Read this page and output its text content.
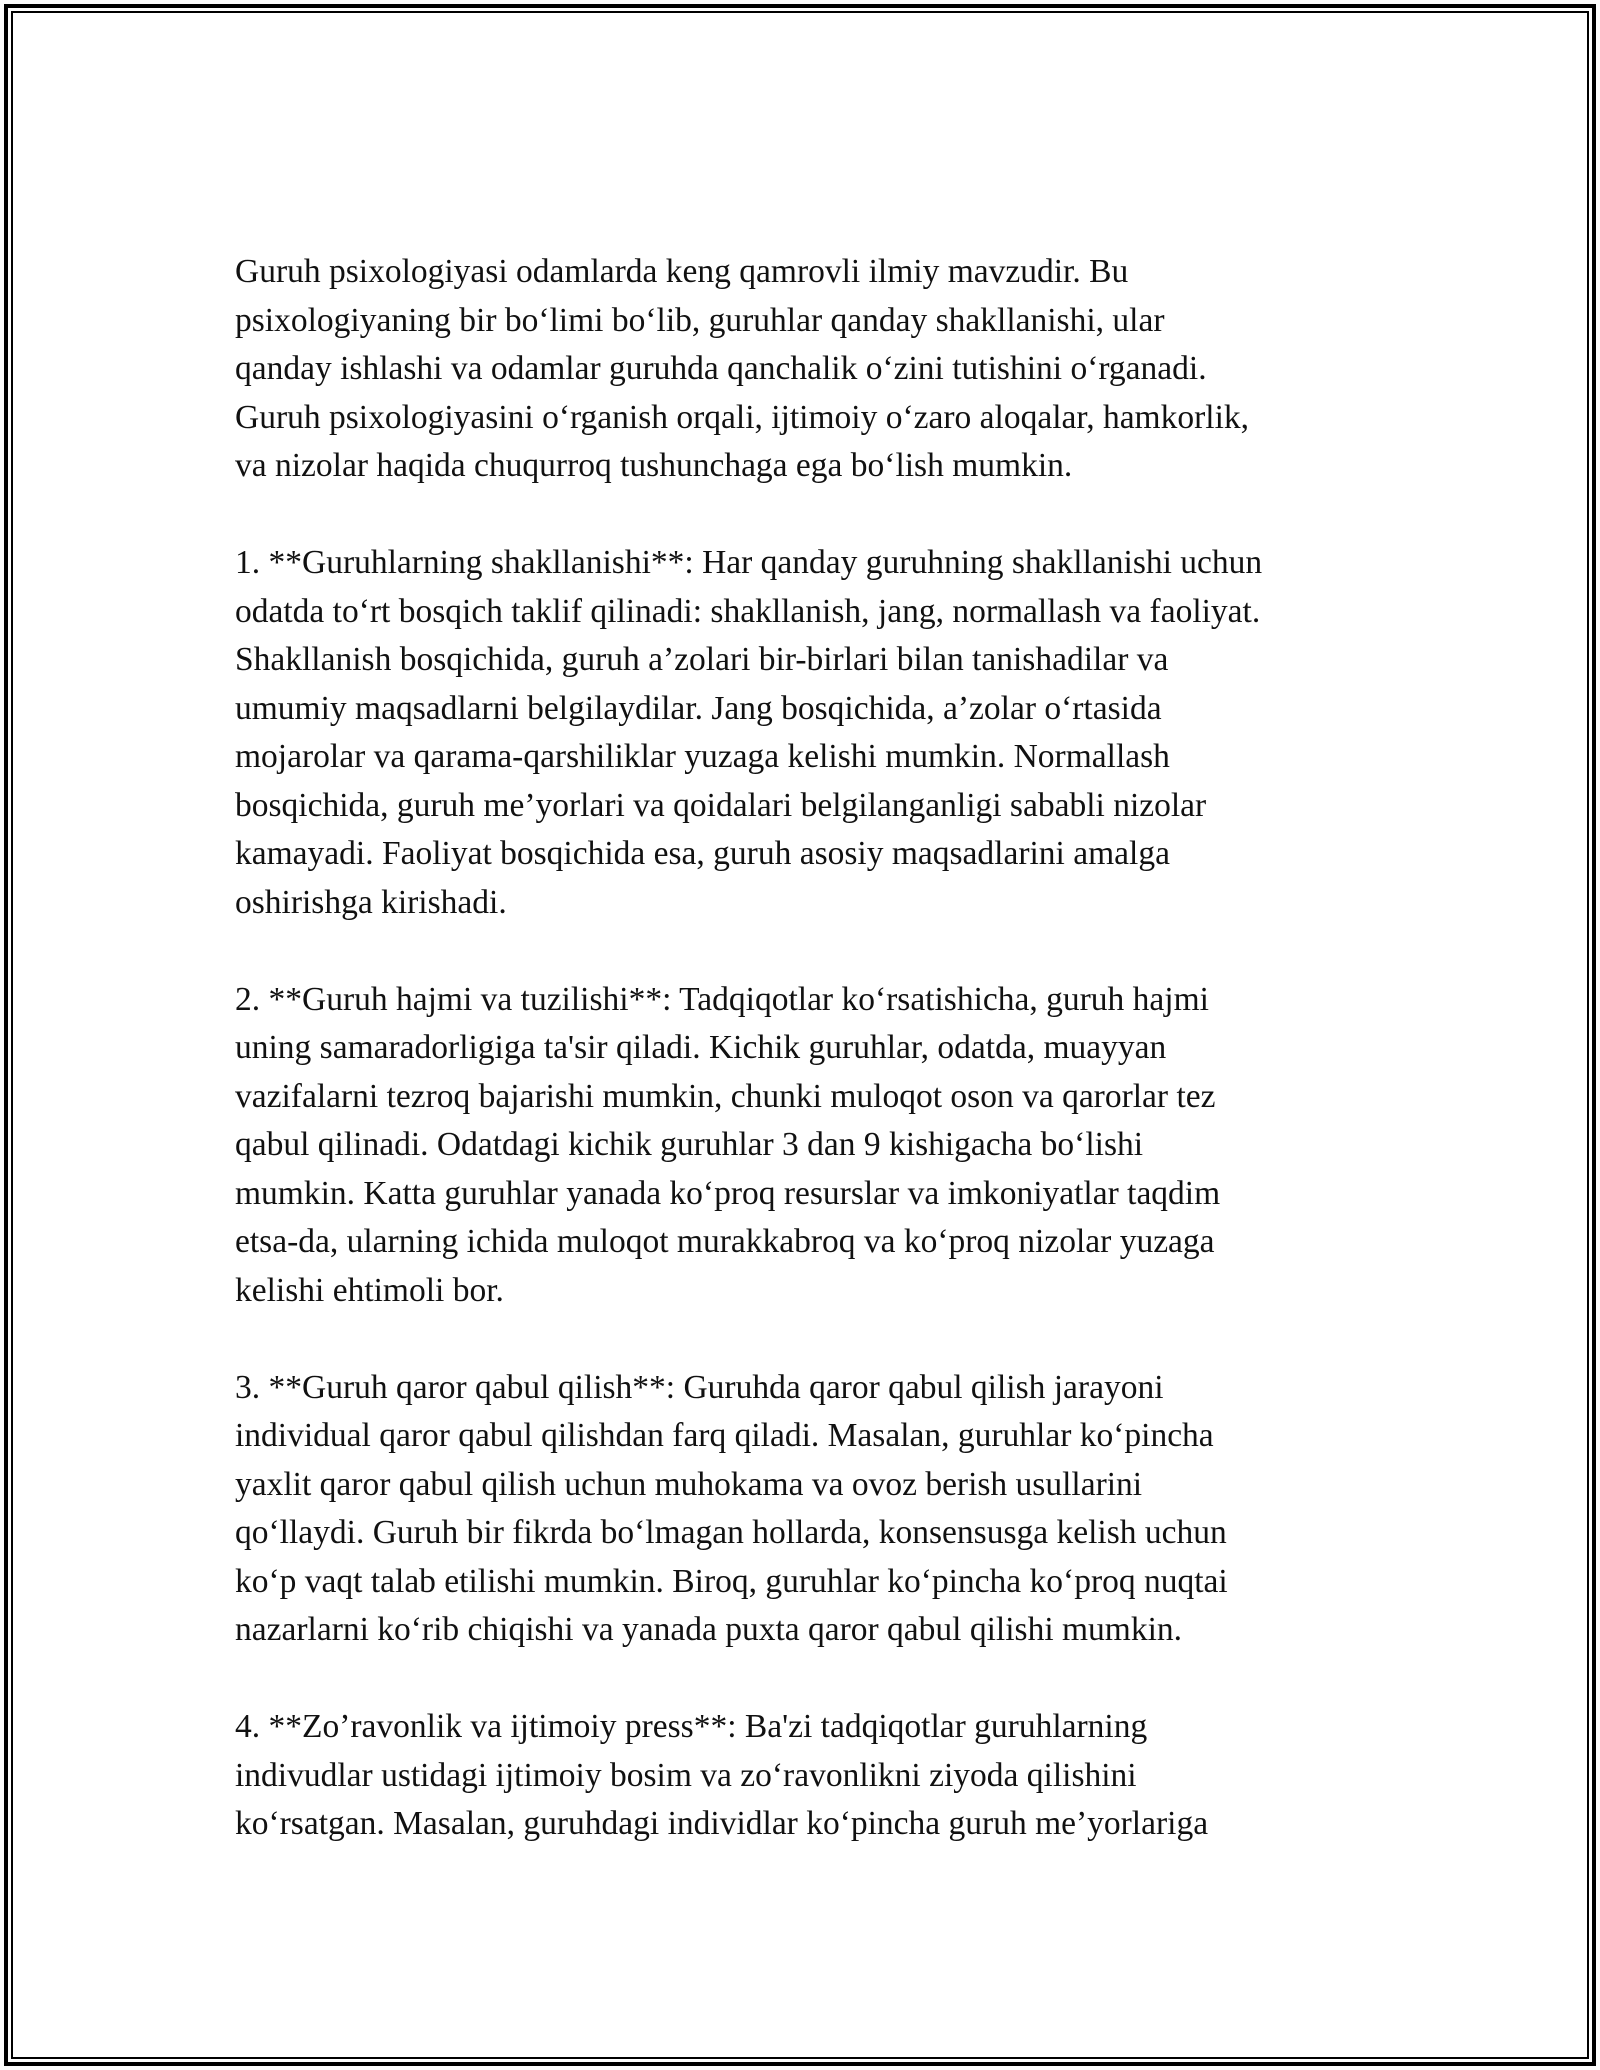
Guruh psixologiyasi odamlarda keng qamrovli ilmiy mavzudir. Bu
psixologiyaning bir bo‘limi bo‘lib, guruhlar qanday shakllanishi, ular
qanday ishlashi va odamlar guruhda qanchalik o‘zini tutishini o‘rganadi.
Guruh psixologiyasini o‘rganish orqali, ijtimoiy o‘zaro aloqalar, hamkorlik,
va nizolar haqida chuqurroq tushunchaga ega bo‘lish mumkin.

1. **Guruhlarning shakllanishi**: Har qanday guruhning shakllanishi uchun
odatda to‘rt bosqich taklif qilinadi: shakllanish, jang, normallash va faoliyat.
Shakllanish bosqichida, guruh a’zolari bir-birlari bilan tanishadilar va
umumiy maqsadlarni belgilaydilar. Jang bosqichida, a’zolar o‘rtasida
mojarolar va qarama-qarshiliklar yuzaga kelishi mumkin. Normallash
bosqichida, guruh me’yorlari va qoidalari belgilanganligi sababli nizolar
kamayadi. Faoliyat bosqichida esa, guruh asosiy maqsadlarini amalga
oshirishga kirishadi.

2. **Guruh hajmi va tuzilishi**: Tadqiqotlar ko‘rsatishicha, guruh hajmi
uning samaradorligiga ta'sir qiladi. Kichik guruhlar, odatda, muayyan
vazifalarni tezroq bajarishi mumkin, chunki muloqot oson va qarorlar tez
qabul qilinadi. Odatdagi kichik guruhlar 3 dan 9 kishigacha bo‘lishi
mumkin. Katta guruhlar yanada ko‘proq resurslar va imkoniyatlar taqdim
etsa-da, ularning ichida muloqot murakkabroq va ko‘proq nizolar yuzaga
kelishi ehtimoli bor.

3. **Guruh qaror qabul qilish**: Guruhda qaror qabul qilish jarayoni
individual qaror qabul qilishdan farq qiladi. Masalan, guruhlar ko‘pincha
yaxlit qaror qabul qilish uchun muhokama va ovoz berish usullarini
qo‘llaydi. Guruh bir fikrda bo‘lmagan hollarda, konsensusga kelish uchun
ko‘p vaqt talab etilishi mumkin. Biroq, guruhlar ko‘pincha ko‘proq nuqtai
nazarlarni ko‘rib chiqishi va yanada puxta qaror qabul qilishi mumkin.

4. **Zo’ravonlik va ijtimoiy press**: Ba'zi tadqiqotlar guruhlarning
indivudlar ustidagi ijtimoiy bosim va zo‘ravonlikni ziyoda qilishini
ko‘rsatgan. Masalan, guruhdagi individlar ko‘pincha guruh me’yorlariga
